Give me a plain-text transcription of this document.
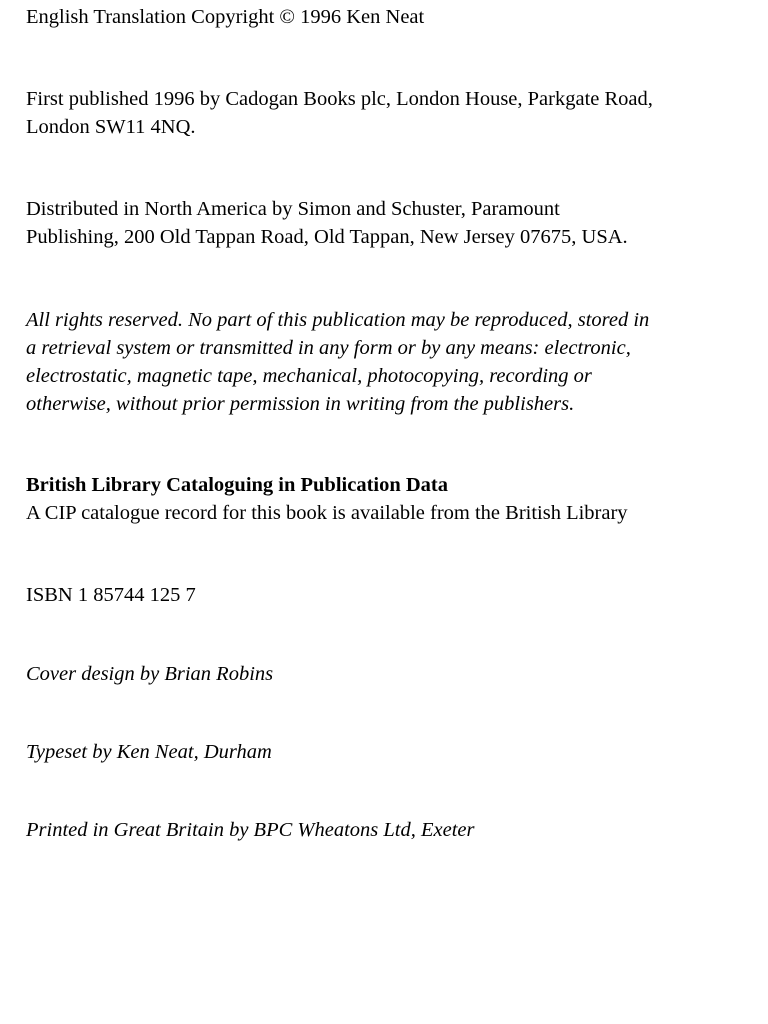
English Translation Copyright © 1996 Ken Neat

First published 1996 by Cadogan Books plc, London House, Parkgate Road,
London SW11 4NQ.

Distributed in North America by Simon and Schuster, Paramount
Publishing, 200 Old Tappan Road, Old Tappan, New Jersey 07675, USA.

All rights reserved. No part of this publication may be reproduced, stored in
a retrieval system or transmitted in any form or by any means: electronic,
electrostatic, magnetic tape, mechanical, photocopying, recording or
otherwise, without prior permission in writing from the publishers.

British Library Cataloguing in Publication Data
A CIP catalogue record for this book is available from the British Library

ISBN 1 85744 125 7

Cover design by Brian Robins

Typeset by Ken Neat, Durham

Printed in Great Britain by BPC Wheatons Ltd, Exeter
